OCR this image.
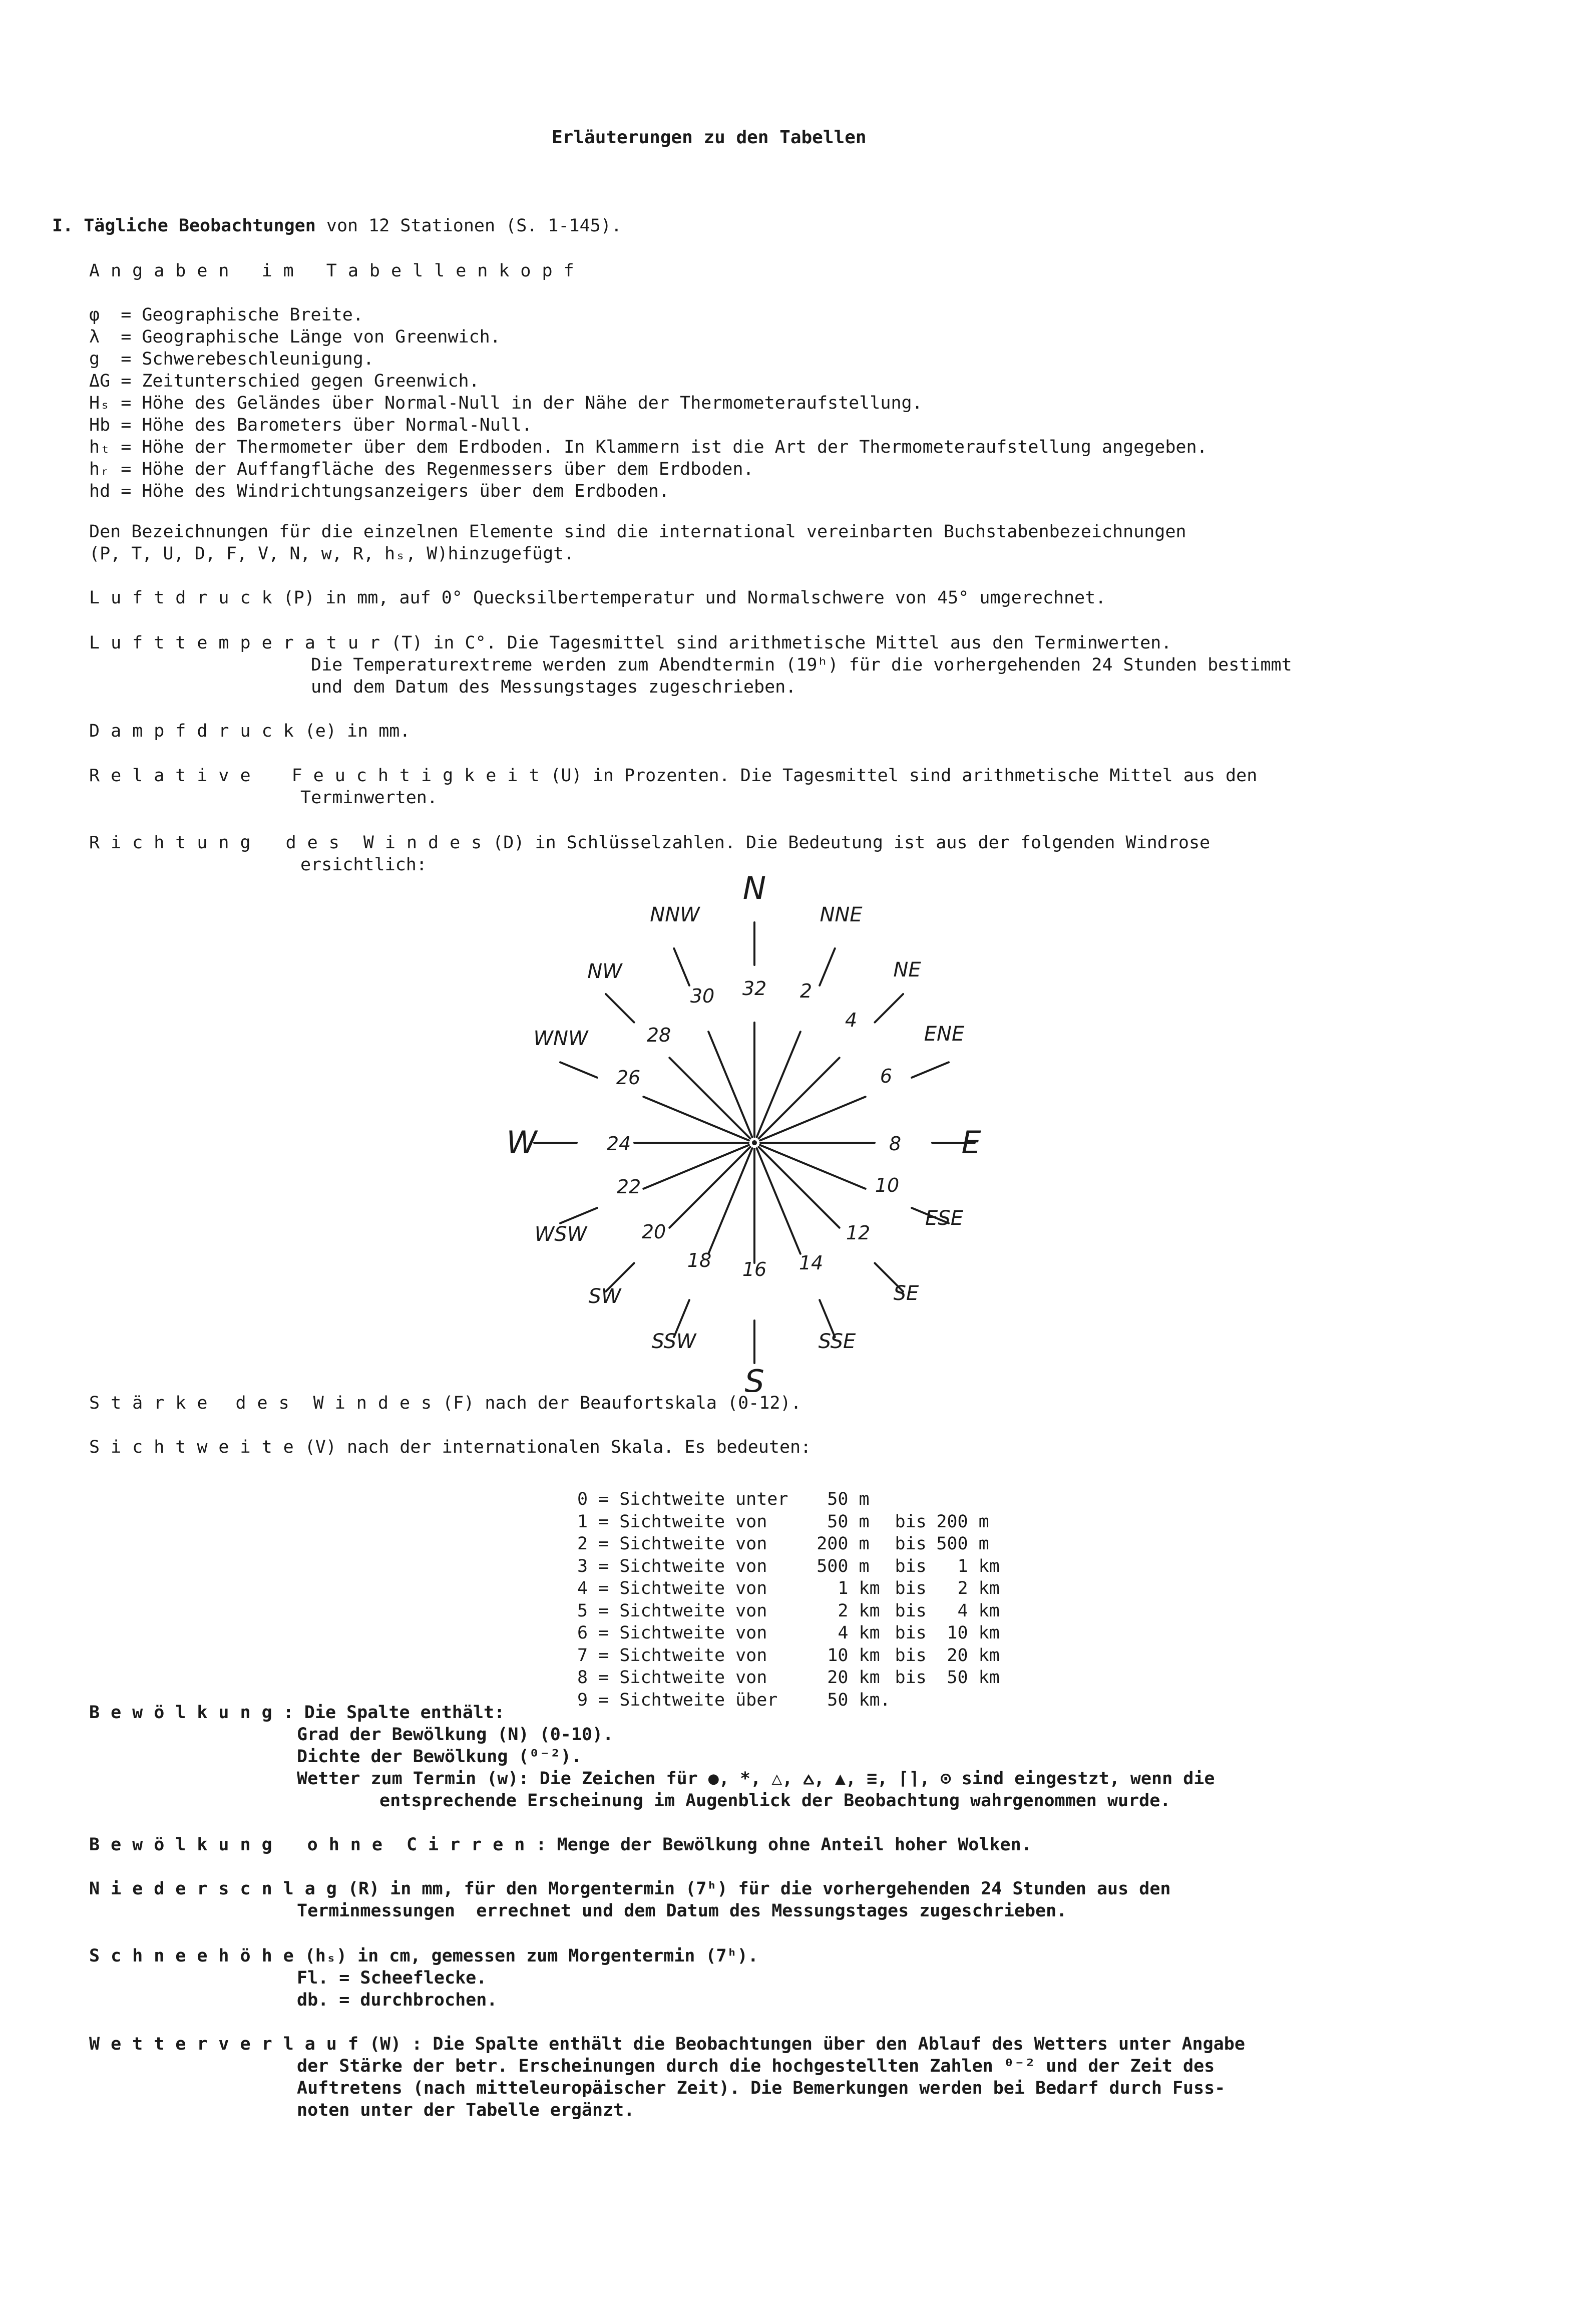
Erläuterungen zu den Tabellen
I. Tägliche Beobachtungen von 12 Stationen (S. 1-145).
Angaben im Tabellenkopf
φ  = Geographische Breite.
λ  = Geographische Länge von Greenwich.
g  = Schwerebeschleunigung.
ΔG = Zeitunterschied gegen Greenwich.
Hₛ = Höhe des Geländes über Normal-Null in der Nähe der Thermometeraufstellung.
Hb = Höhe des Barometers über Normal-Null.
hₜ = Höhe der Thermometer über dem Erdboden. In Klammern ist die Art der Thermometeraufstellung angegeben.
hᵣ = Höhe der Auffangfläche des Regenmessers über dem Erdboden.
hd = Höhe des Windrichtungsanzeigers über dem Erdboden.
Den Bezeichnungen für die einzelnen Elemente sind die international vereinbarten Buchstabenbezeichnungen
(P, T, U, D, F, V, N, w, R, hₛ, W)hinzugefügt.
Luftdruck(P) in mm, auf 0° Quecksilbertemperatur und Normalschwere von 45° umgerechnet.
Lufttemperatur(T) in C°. Die Tagesmittel sind arithmetische Mittel aus den Terminwerten.
Die Temperaturextreme werden zum Abendtermin (19ʰ) für die vorhergehenden 24 Stunden bestimmt
und dem Datum des Messungstages zugeschrieben.
Dampfdruck(e) in mm.
Relative Feuchtigkeit(U) in Prozenten. Die Tagesmittel sind arithmetische Mittel aus den
Terminwerten.
Richtung des Windes(D) in Schlüsselzahlen. Die Bedeutung ist aus der folgenden Windrose
ersichtlich:
N
E
S
W
NNE
NE
ENE
ESE
SE
SSE
SSW
SW
WSW
WNW
NW
NNW
32 2
4
6
8
10
12
14
16
18
20
22
24
26
28
30
Stärke des Windes(F) nach der Beaufortskala (0-12).
Sichtweite(V) nach der internationalen Skala. Es bedeuten:
0		= Sichtweite unter		50		m				
1		= Sichtweite von		50		m	bis	200		m
2		= Sichtweite von		200		m	bis	500		m
3		= Sichtweite von		500		m	bis	1		km
4		= Sichtweite von		1		km	bis	2		km
5		= Sichtweite von		2		km	bis	4		km
6		= Sichtweite von		4		km	bis	10		km
7		= Sichtweite von		10		km	bis	20		km
8		= Sichtweite von		20		km	bis	50		km
9		= Sichtweite über		50		km.				
Bewölkung: Die Spalte enthält:
Grad der Bewölkung (N) (0-10).
Dichte der Bewölkung (⁰⁻²).
Wetter zum Termin (w): Die Zeichen für ●, *, △, ⩟, ▲, ≡, ⌈⌉, ⊙ sind eingestzt, wenn die
entsprechende Erscheinung im Augenblick der Beobachtung wahrgenommen wurde.
Bewölkung ohne Cirren: Menge der Bewölkung ohne Anteil hoher Wolken.
Niederscnlag(R) in mm, für den Morgentermin (7ʰ) für die vorhergehenden 24 Stunden aus den
Terminmessungen  errechnet und dem Datum des Messungstages zugeschrieben.
Schneehöhe(hₛ) in cm, gemessen zum Morgentermin (7ʰ).
Fl. = Scheeflecke.
db. = durchbrochen.
Wetterverlauf(W) : Die Spalte enthält die Beobachtungen über den Ablauf des Wetters unter Angabe
der Stärke der betr. Erscheinungen durch die hochgestellten Zahlen ⁰⁻² und der Zeit des
Auftretens (nach mitteleuropäischer Zeit). Die Bemerkungen werden bei Bedarf durch Fuss-
noten unter der Tabelle ergänzt.
